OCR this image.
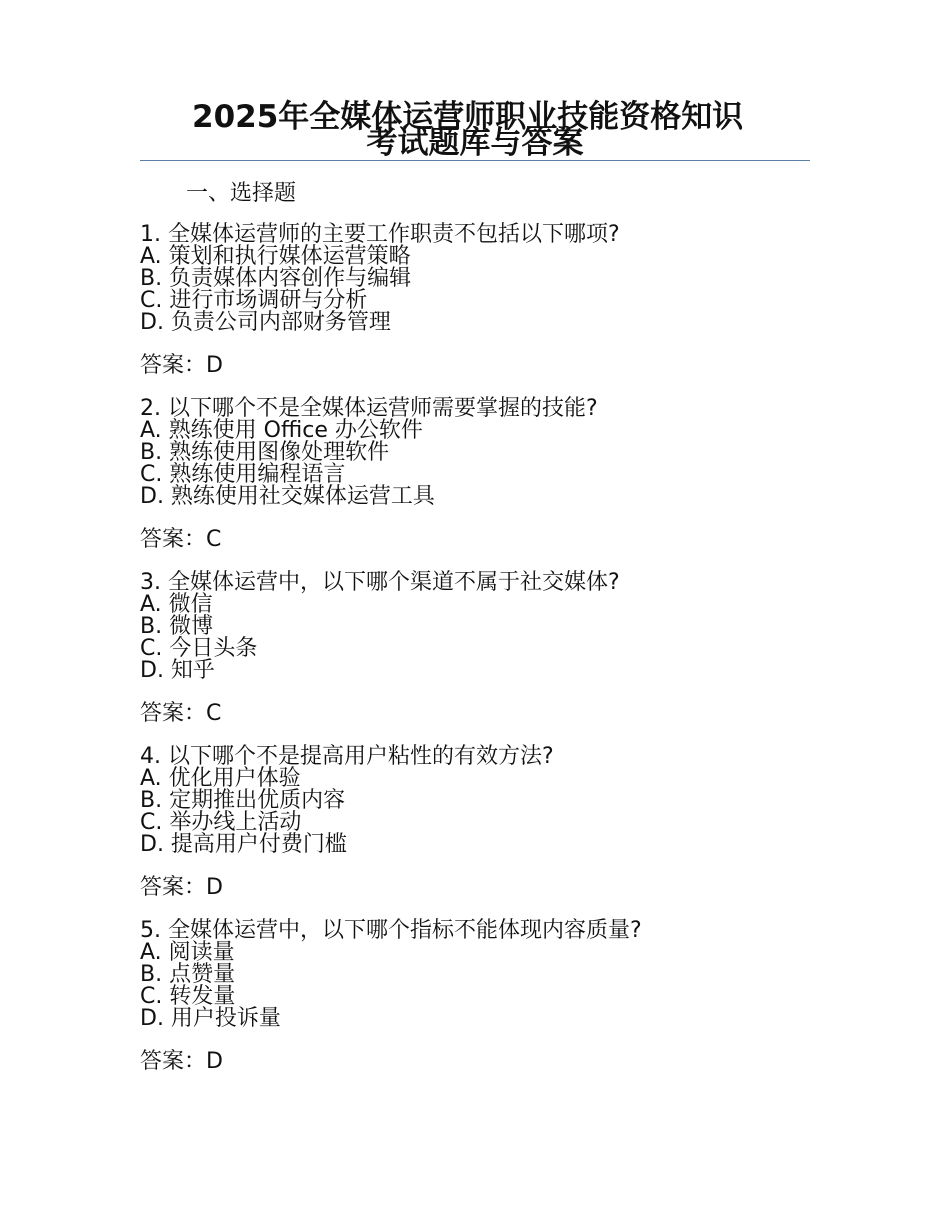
2025年全媒体运营师职业技能资格知识
考试题库与答案
一、选择题
1. 全媒体运营师的主要工作职责不包括以下哪项?
A. 策划和执行媒体运营策略
B. 负责媒体内容创作与编辑
C. 进行市场调研与分析
D. 负责公司内部财务管理
答案：D
2. 以下哪个不是全媒体运营师需要掌握的技能?
A. 熟练使用 Office 办公软件
B. 熟练使用图像处理软件
C. 熟练使用编程语言
D. 熟练使用社交媒体运营工具
答案：C
3. 全媒体运营中，以下哪个渠道不属于社交媒体?
A. 微信
B. 微博
C. 今日头条
D. 知乎
答案：C
4. 以下哪个不是提高用户粘性的有效方法?
A. 优化用户体验
B. 定期推出优质内容
C. 举办线上活动
D. 提高用户付费门槛
答案：D
5. 全媒体运营中，以下哪个指标不能体现内容质量?
A. 阅读量
B. 点赞量
C. 转发量
D. 用户投诉量
答案：D
